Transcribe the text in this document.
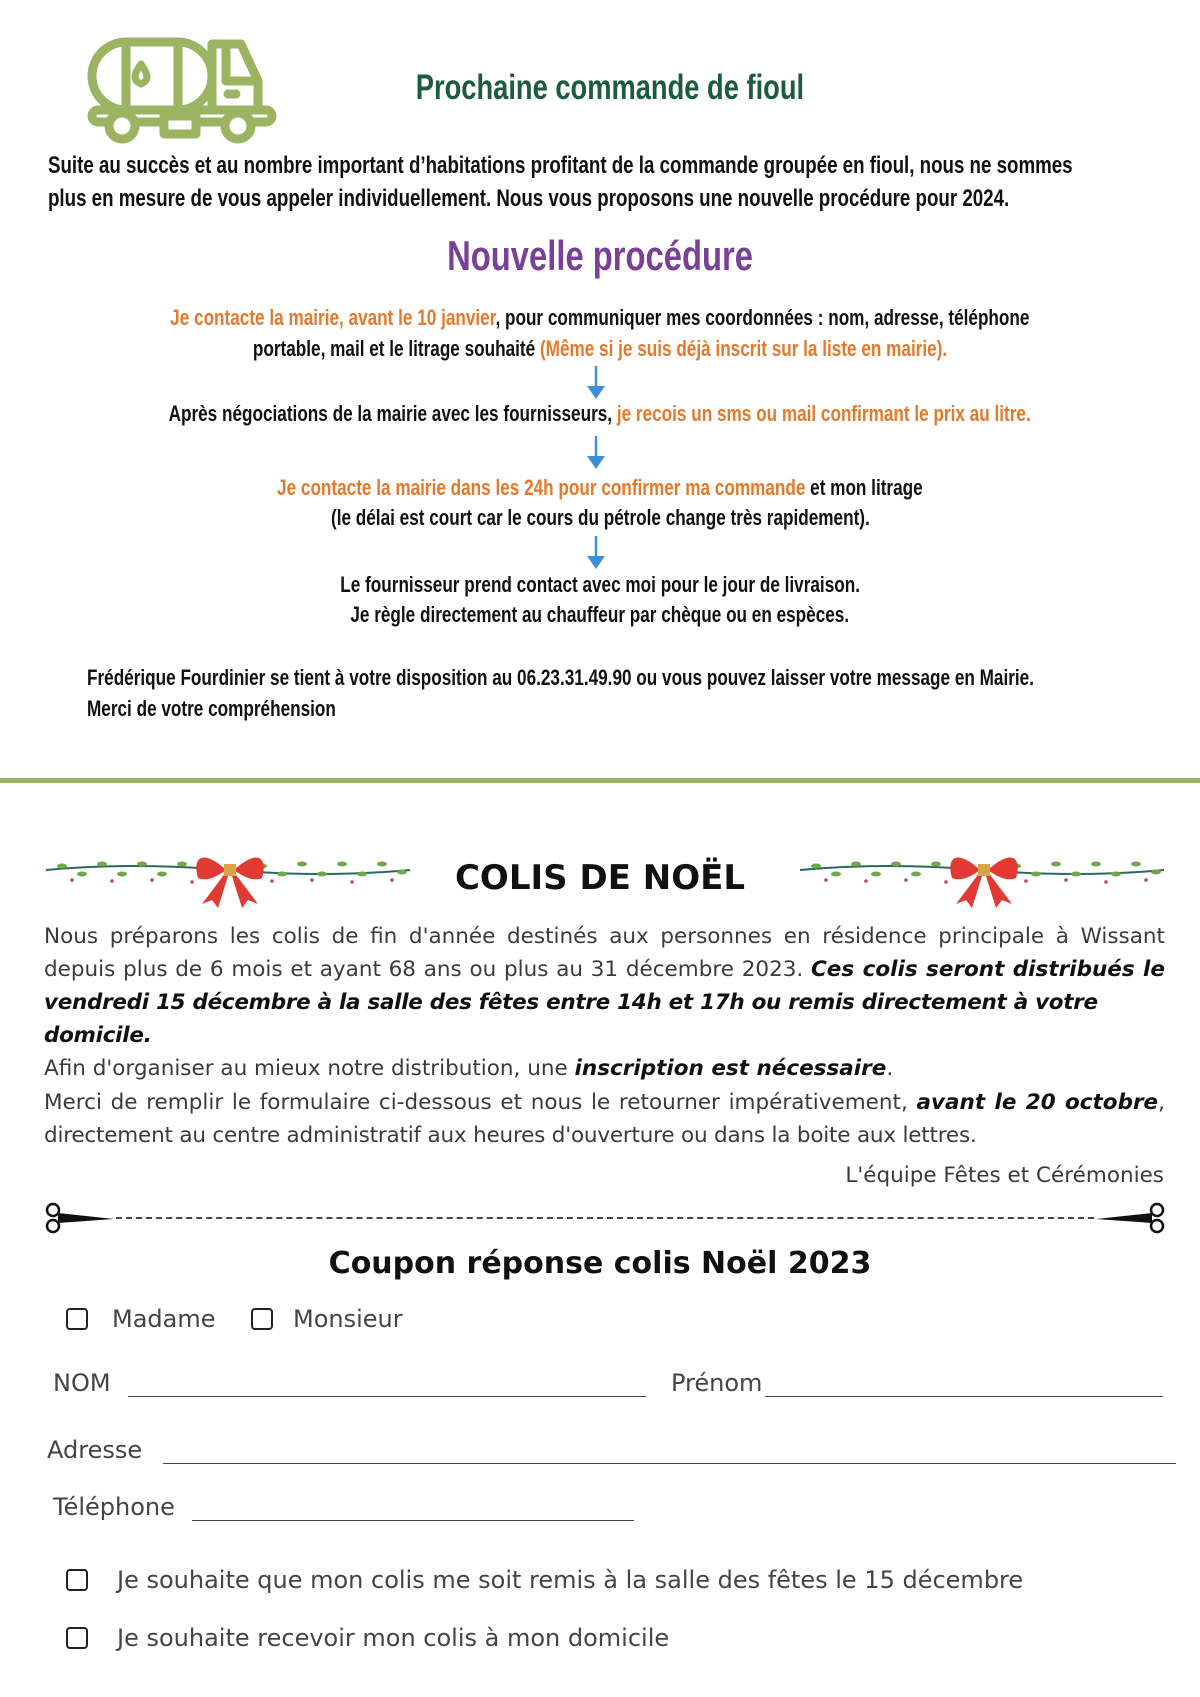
Prochaine commande de fioul
Suite au succès et au nombre important d’habitations profitant de la commande groupée en fioul, nous ne sommes
plus en mesure de vous appeler individuellement. Nous vous proposons une nouvelle procédure pour 2024.
Nouvelle procédure
Je contacte la mairie, avant le 10 janvier, pour communiquer mes coordonnées : nom, adresse, téléphone
portable, mail et le litrage souhaité (Même si je suis déjà inscrit sur la liste en mairie).
Après négociations de la mairie avec les fournisseurs, je recois un sms ou mail confirmant le prix au litre.
Je contacte la mairie dans les 24h pour confirmer ma commande et mon litrage
(le délai est court car le cours du pétrole change très rapidement).
Le fournisseur prend contact avec moi pour le jour de livraison.
Je règle directement au chauffeur par chèque ou en espèces.
Frédérique Fourdinier se tient à votre disposition au 06.23.31.49.90 ou vous pouvez laisser votre message en Mairie.
Merci de votre compréhension
COLIS DE NOËL
Nous préparons les colis de fin d'année destinés aux personnes en résidence principale à Wissant
depuis plus de 6 mois et ayant 68 ans ou plus au 31 décembre 2023. Ces colis seront distribués le
vendredi 15 décembre à la salle des fêtes entre 14h et 17h ou remis directement à votre domicile.
Afin d'organiser au mieux notre distribution, une inscription est nécessaire.
Merci de remplir le formulaire ci-dessous et nous le retourner impérativement, avant le 20 octobre,
directement au centre administratif aux heures d'ouverture ou dans la boite aux lettres.
L'équipe Fêtes et Cérémonies
Coupon réponse colis Noël 2023
Madame	Monsieur
NOM	Prénom
Adresse
Téléphone
Je souhaite que mon colis me soit remis à la salle des fêtes le 15 décembre
Je souhaite recevoir mon colis à mon domicile
